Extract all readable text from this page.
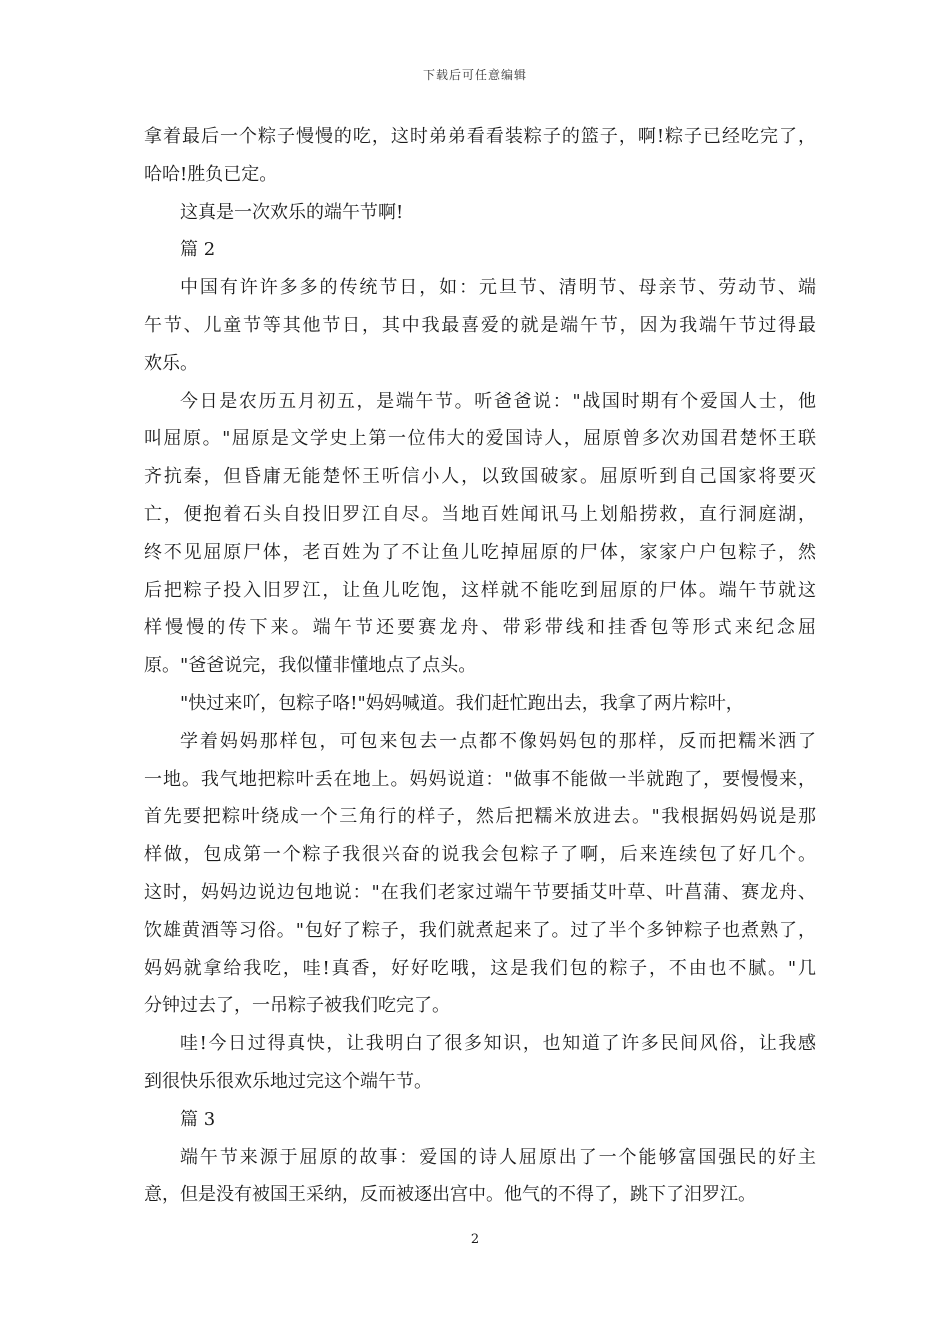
下载后可任意编辑
拿着最后一个粽子慢慢的吃，这时弟弟看看装粽子的篮子，啊!粽子已经吃完了，
哈哈!胜负已定。
这真是一次欢乐的端午节啊!
篇 2
中国有许许多多的传统节日，如：元旦节、清明节、母亲节、劳动节、端
午节、儿童节等其他节日，其中我最喜爱的就是端午节，因为我端午节过得最
欢乐。
今日是农历五月初五，是端午节。听爸爸说："战国时期有个爱国人士，他
叫屈原。"屈原是文学史上第一位伟大的爱国诗人，屈原曾多次劝国君楚怀王联
齐抗秦，但昏庸无能楚怀王听信小人，以致国破家。屈原听到自己国家将要灭
亡，便抱着石头自投旧罗江自尽。当地百姓闻讯马上划船捞救，直行洞庭湖，
终不见屈原尸体，老百姓为了不让鱼儿吃掉屈原的尸体，家家户户包粽子，然
后把粽子投入旧罗江，让鱼儿吃饱，这样就不能吃到屈原的尸体。端午节就这
样慢慢的传下来。端午节还要赛龙舟、带彩带线和挂香包等形式来纪念屈
原。"爸爸说完，我似懂非懂地点了点头。
"快过来吖，包粽子咯!"妈妈喊道。我们赶忙跑出去，我拿了两片粽叶，
学着妈妈那样包，可包来包去一点都不像妈妈包的那样，反而把糯米洒了
一地。我气地把粽叶丢在地上。妈妈说道："做事不能做一半就跑了，要慢慢来，
首先要把粽叶绕成一个三角行的样子，然后把糯米放进去。"我根据妈妈说是那
样做，包成第一个粽子我很兴奋的说我会包粽子了啊，后来连续包了好几个。
这时，妈妈边说边包地说："在我们老家过端午节要插艾叶草、叶菖蒲、赛龙舟、
饮雄黄酒等习俗。"包好了粽子，我们就煮起来了。过了半个多钟粽子也煮熟了，
妈妈就拿给我吃，哇!真香，好好吃哦，这是我们包的粽子，不由也不腻。"几
分钟过去了，一吊粽子被我们吃完了。
哇!今日过得真快，让我明白了很多知识，也知道了许多民间风俗，让我感
到很快乐很欢乐地过完这个端午节。
篇 3
端午节来源于屈原的故事：爱国的诗人屈原出了一个能够富国强民的好主
意，但是没有被国王采纳，反而被逐出宫中。他气的不得了，跳下了汨罗江。
2
